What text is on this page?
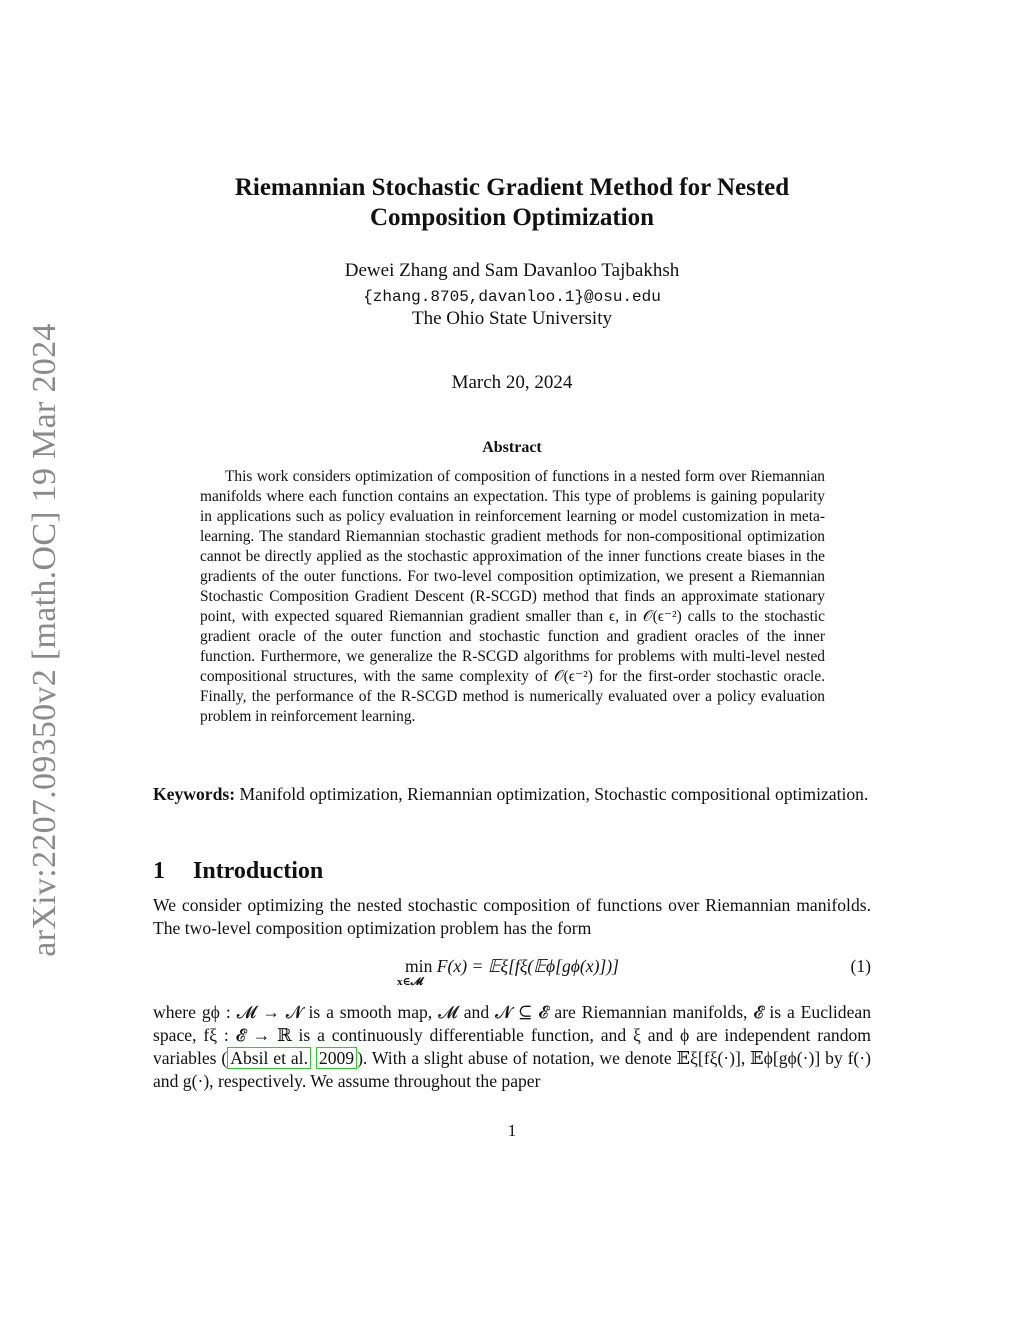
arXiv:2207.09350v2 [math.OC] 19 Mar 2024
Riemannian Stochastic Gradient Method for Nested
Composition Optimization
Dewei Zhang and Sam Davanloo Tajbakhsh
{zhang.8705,davanloo.1}@osu.edu
The Ohio State University
March 20, 2024
Abstract
This work considers optimization of composition of functions in a nested form over Riemannian manifolds where each function contains an expectation. This type of problems is gaining popularity in applications such as policy evaluation in reinforcement learning or model customization in meta-learning. The standard Riemannian stochastic gradient methods for non-compositional optimization cannot be directly applied as the stochastic approximation of the inner functions create biases in the gradients of the outer functions. For two-level composition optimization, we present a Riemannian Stochastic Composition Gradient Descent (R-SCGD) method that finds an approximate stationary point, with expected squared Riemannian gradient smaller than ϵ, in 𝒪(ϵ⁻²) calls to the stochastic gradient oracle of the outer function and stochastic function and gradient oracles of the inner function. Furthermore, we generalize the R-SCGD algorithms for problems with multi-level nested compositional structures, with the same complexity of 𝒪(ϵ⁻²) for the first-order stochastic oracle. Finally, the performance of the R-SCGD method is numerically evaluated over a policy evaluation problem in reinforcement learning.
Keywords: Manifold optimization, Riemannian optimization, Stochastic compositional optimization.
1 Introduction
We consider optimizing the nested stochastic composition of functions over Riemannian manifolds. The two-level composition optimization problem has the form
min
x∈𝓜
F(x) = 𝔼ξ[fξ(𝔼ϕ[gϕ(x)])]	(1)
where gϕ : 𝓜 → 𝓝 is a smooth map, 𝓜 and 𝓝 ⊆ 𝓔 are Riemannian manifolds, 𝓔 is a Euclidean space, fξ : 𝓔 → ℝ is a continuously differentiable function, and ξ and ϕ are independent random variables ( Absil et al. 2009 ). With a slight abuse of notation, we denote 𝔼ξ[fξ(·)], 𝔼ϕ[gϕ(·)] by f(·) and g(·), respectively. We assume throughout the paper
1
